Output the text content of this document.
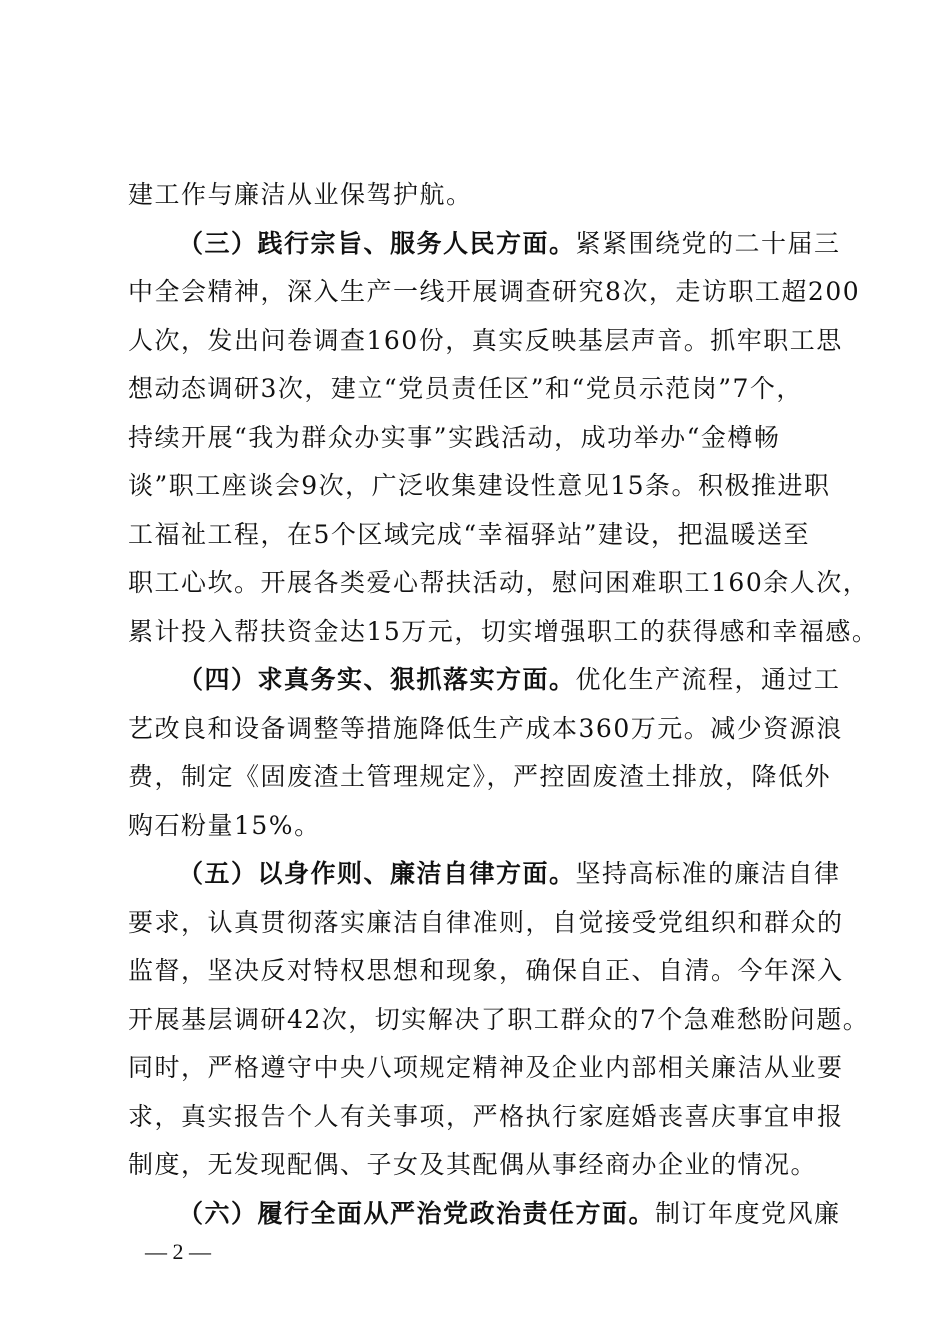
建工作与廉洁从业保驾护航。
（三）践行宗旨、服务人民方面。紧紧围绕党的二十届三
中全会精神，深入生产一线开展调查研究8次，走访职工超200
人次，发出问卷调查160份，真实反映基层声音。抓牢职工思
想动态调研3次，建立“党员责任区”和“党员示范岗”7个，
持续开展“我为群众办实事”实践活动，成功举办“金樽畅
谈”职工座谈会9次，广泛收集建设性意见15条。积极推进职
工福祉工程，在5个区域完成“幸福驿站”建设，把温暖送至
职工心坎。开展各类爱心帮扶活动，慰问困难职工160余人次，
累计投入帮扶资金达15万元，切实增强职工的获得感和幸福感。
（四）求真务实、狠抓落实方面。优化生产流程，通过工
艺改良和设备调整等措施降低生产成本360万元。减少资源浪
费，制定《固废渣土管理规定》，严控固废渣土排放，降低外
购石粉量15%。
（五）以身作则、廉洁自律方面。坚持高标准的廉洁自律
要求，认真贯彻落实廉洁自律准则，自觉接受党组织和群众的
监督，坚决反对特权思想和现象，确保自正、自清。今年深入
开展基层调研42次，切实解决了职工群众的7个急难愁盼问题。
同时，严格遵守中央八项规定精神及企业内部相关廉洁从业要
求，真实报告个人有关事项，严格执行家庭婚丧喜庆事宜申报
制度，无发现配偶、子女及其配偶从事经商办企业的情况。
（六）履行全面从严治党政治责任方面。制订年度党风廉
— 2 —
